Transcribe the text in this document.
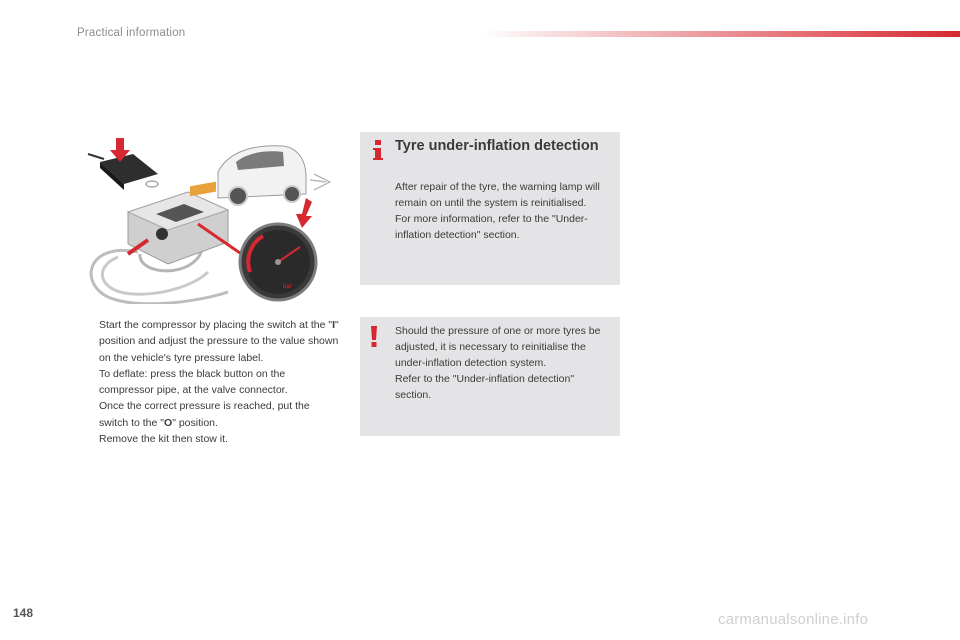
Practical information
bar
Start the compressor by placing the switch at the "I" position and adjust the pressure to the value shown on the vehicle's tyre pressure label.
To deflate: press the black button on the compressor pipe, at the valve connector.
Once the correct pressure is reached, put the switch to the "O" position.
Remove the kit then stow it.
Tyre under-inflation detection
After repair of the tyre, the warning lamp will remain on until the system is reinitialised.
For more information, refer to the "Under-inflation detection" section.
Should the pressure of one or more tyres be adjusted, it is necessary to reinitialise the under-inflation detection system.
Refer to the "Under-inflation detection" section.
148	carmanualsonline.info
